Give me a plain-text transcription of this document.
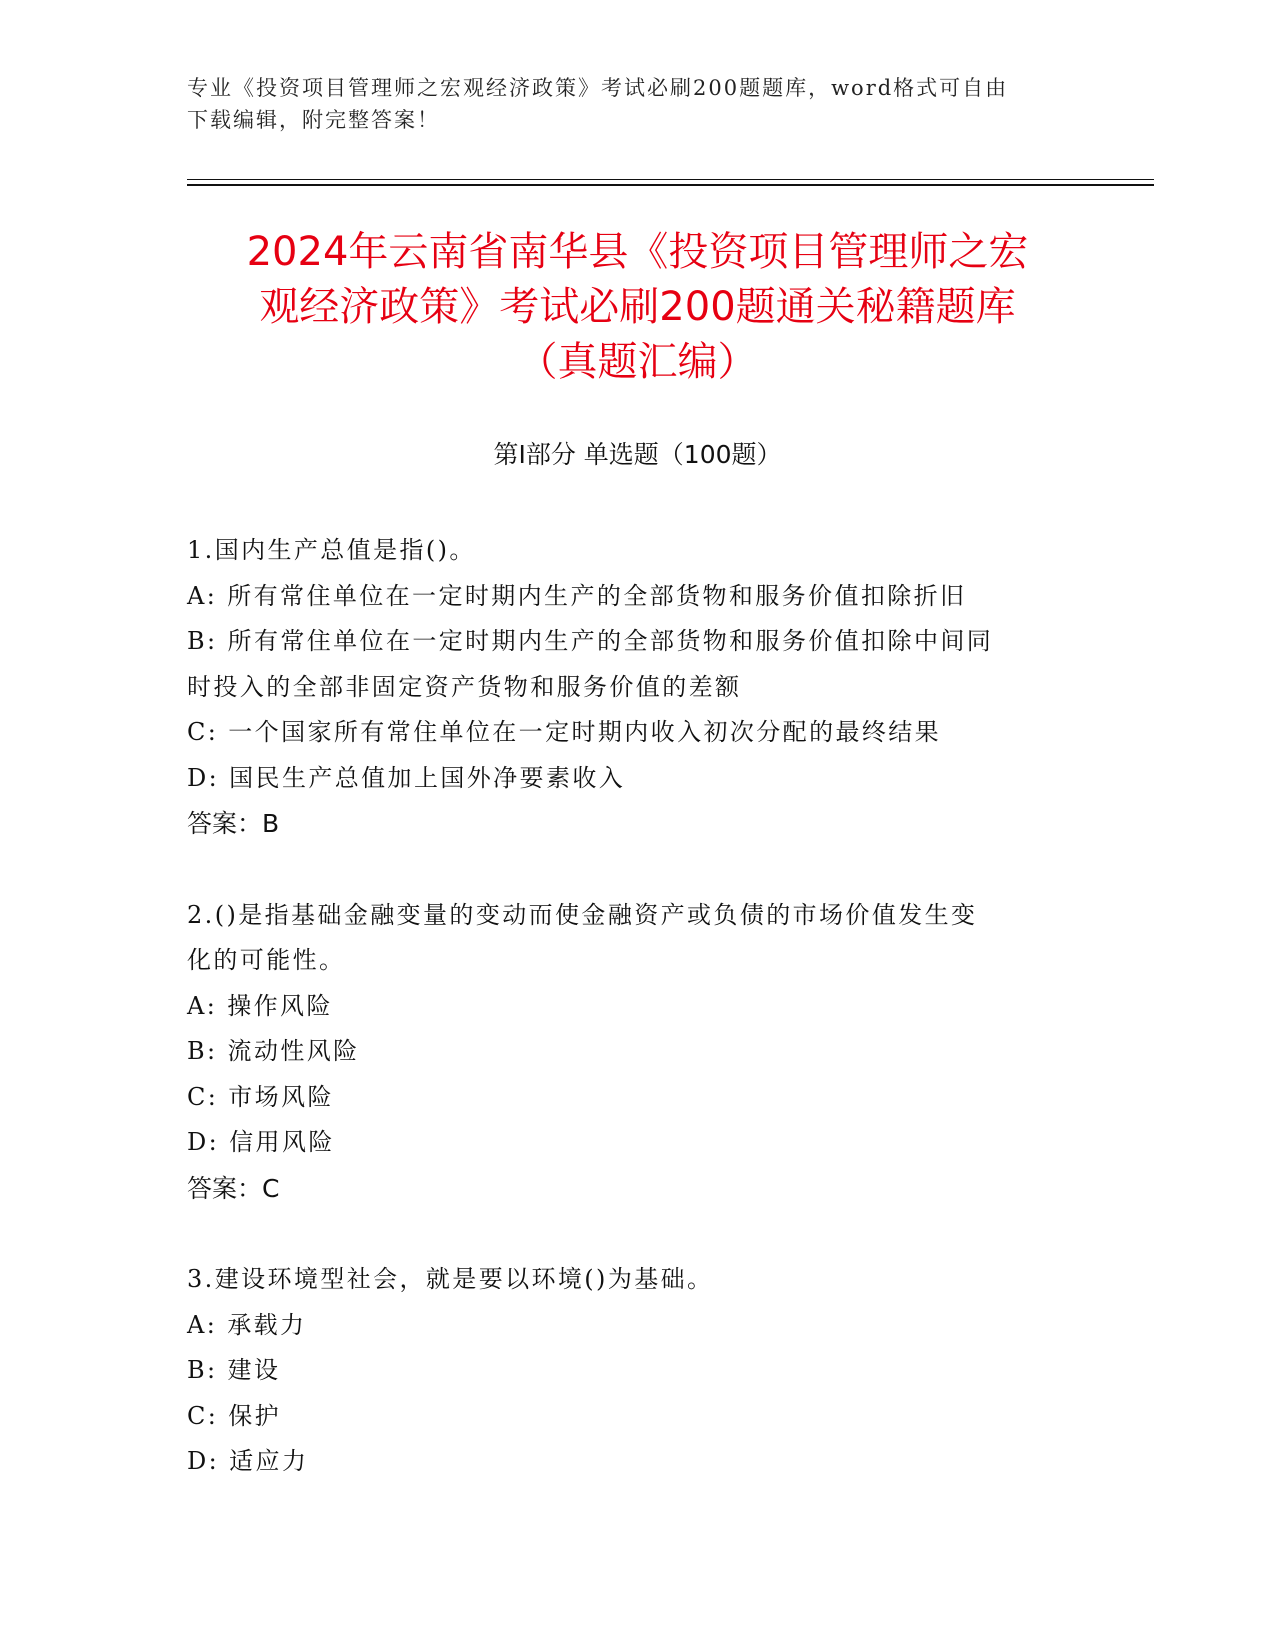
专业《投资项目管理师之宏观经济政策》考试必刷200题题库，word格式可自由
下载编辑，附完整答案！
2024年云南省南华县《投资项目管理师之宏
观经济政策》考试必刷200题通关秘籍题库
（真题汇编）
第Ⅰ部分 单选题（100题）
1.国内生产总值是指()。
A: 所有常住单位在一定时期内生产的全部货物和服务价值扣除折旧
B: 所有常住单位在一定时期内生产的全部货物和服务价值扣除中间同
时投入的全部非固定资产货物和服务价值的差额
C: 一个国家所有常住单位在一定时期内收入初次分配的最终结果
D: 国民生产总值加上国外净要素收入
答案：B
2.()是指基础金融变量的变动而使金融资产或负债的市场价值发生变
化的可能性。
A: 操作风险
B: 流动性风险
C: 市场风险
D: 信用风险
答案：C
3.建设环境型社会，就是要以环境()为基础。
A: 承载力
B: 建设
C: 保护
D: 适应力
